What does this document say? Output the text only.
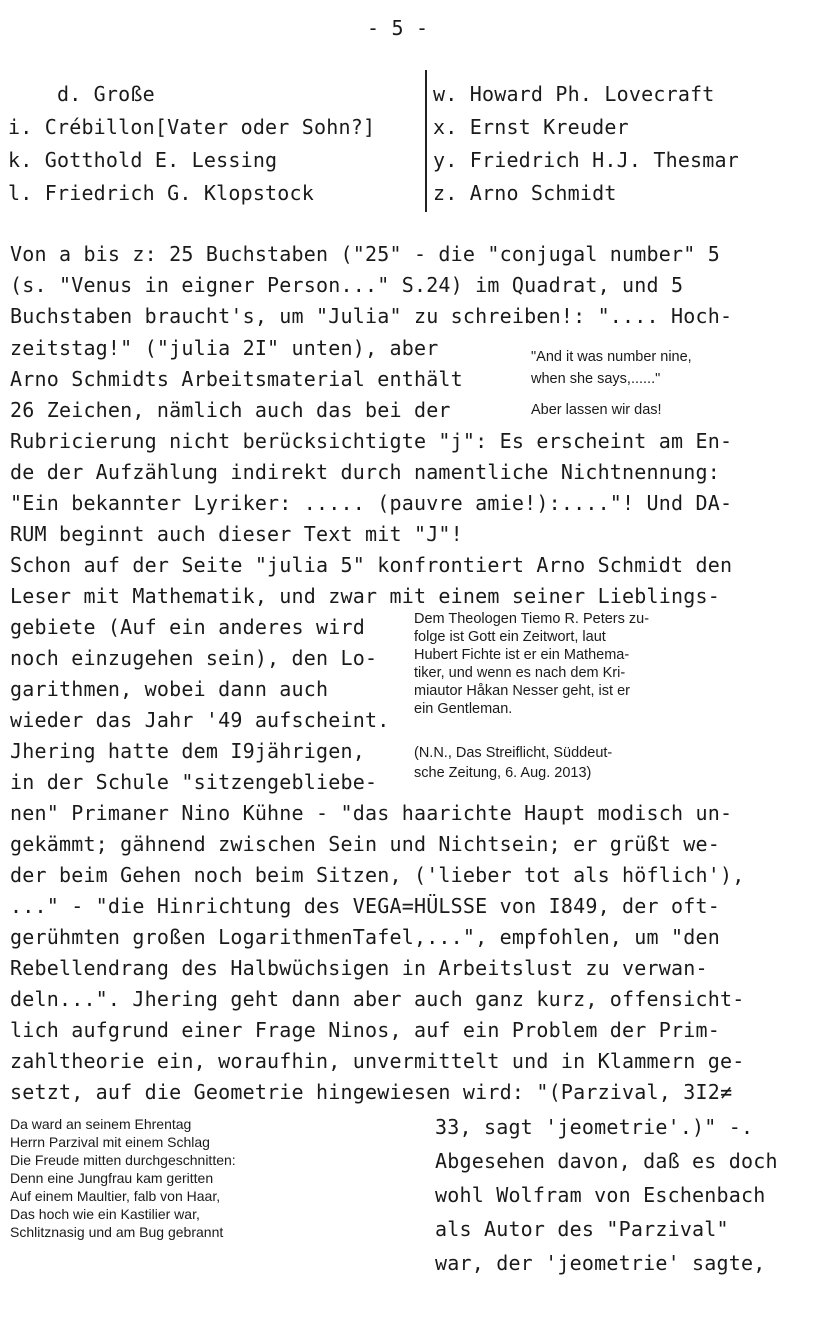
- 5 -
d. Große
i. Crébillon[Vater oder Sohn?]
k. Gotthold E. Lessing
l. Friedrich G. Klopstock
w. Howard Ph. Lovecraft
x. Ernst Kreuder
y. Friedrich H.J. Thesmar
z. Arno Schmidt
Von a bis z: 25 Buchstaben ("25" - die "conjugal number" 5
(s. "Venus in eigner Person..." S.24) im Quadrat, und 5
Buchstaben braucht's, um "Julia" zu schreiben!: ".... Hoch-
zeitstag!" ("julia 2I" unten), aber
Arno Schmidts Arbeitsmaterial enthält
26 Zeichen, nämlich auch das bei der
Rubricierung nicht berücksichtigte "j": Es erscheint am En-
de der Aufzählung indirekt durch namentliche Nichtnennung:
"Ein bekannter Lyriker: ..... (pauvre amie!):...."! Und DA-
RUM beginnt auch dieser Text mit "J"!
Schon auf der Seite "julia 5" konfrontiert Arno Schmidt den
Leser mit Mathematik, und zwar mit einem seiner Lieblings-
gebiete (Auf ein anderes wird
noch einzugehen sein), den Lo-
garithmen, wobei dann auch
wieder das Jahr '49 aufscheint.
Jhering hatte dem I9jährigen,
in der Schule "sitzengebliebe-
nen" Primaner Nino Kühne - "das haarichte Haupt modisch un-
gekämmt; gähnend zwischen Sein und Nichtsein; er grüßt we-
der beim Gehen noch beim Sitzen, ('lieber tot als höflich'),
..." - "die Hinrichtung des VEGA=HÜLSSE von I849, der oft-
gerühmten großen LogarithmenTafel,...", empfohlen, um "den
Rebellendrang des Halbwüchsigen in Arbeitslust zu verwan-
deln...". Jhering geht dann aber auch ganz kurz, offensicht-
lich aufgrund einer Frage Ninos, auf ein Problem der Prim-
zahltheorie ein, woraufhin, unvermittelt und in Klammern ge-
setzt, auf die Geometrie hingewiesen wird: "(Parzival, 3I2≠
33, sagt 'jeometrie'.)" -.
Abgesehen davon, daß es doch
wohl Wolfram von Eschenbach
als Autor des "Parzival"
war, der 'jeometrie' sagte,
"And it was number nine,
when she says,......"
Aber lassen wir das!
Dem Theologen Tiemo R. Peters zu-
folge ist Gott ein Zeitwort, laut
Hubert Fichte ist er ein Mathema-
tiker, und wenn es nach dem Kri-
miautor Håkan Nesser geht, ist er
ein Gentleman.
(N.N., Das Streiflicht, Süddeut-
sche Zeitung, 6. Aug. 2013)
Da ward an seinem Ehrentag
Herrn Parzival mit einem Schlag
Die Freude mitten durchgeschnitten:
Denn eine Jungfrau kam geritten
Auf einem Maultier, falb von Haar,
Das hoch wie ein Kastilier war,
Schlitznasig und am Bug gebrannt
